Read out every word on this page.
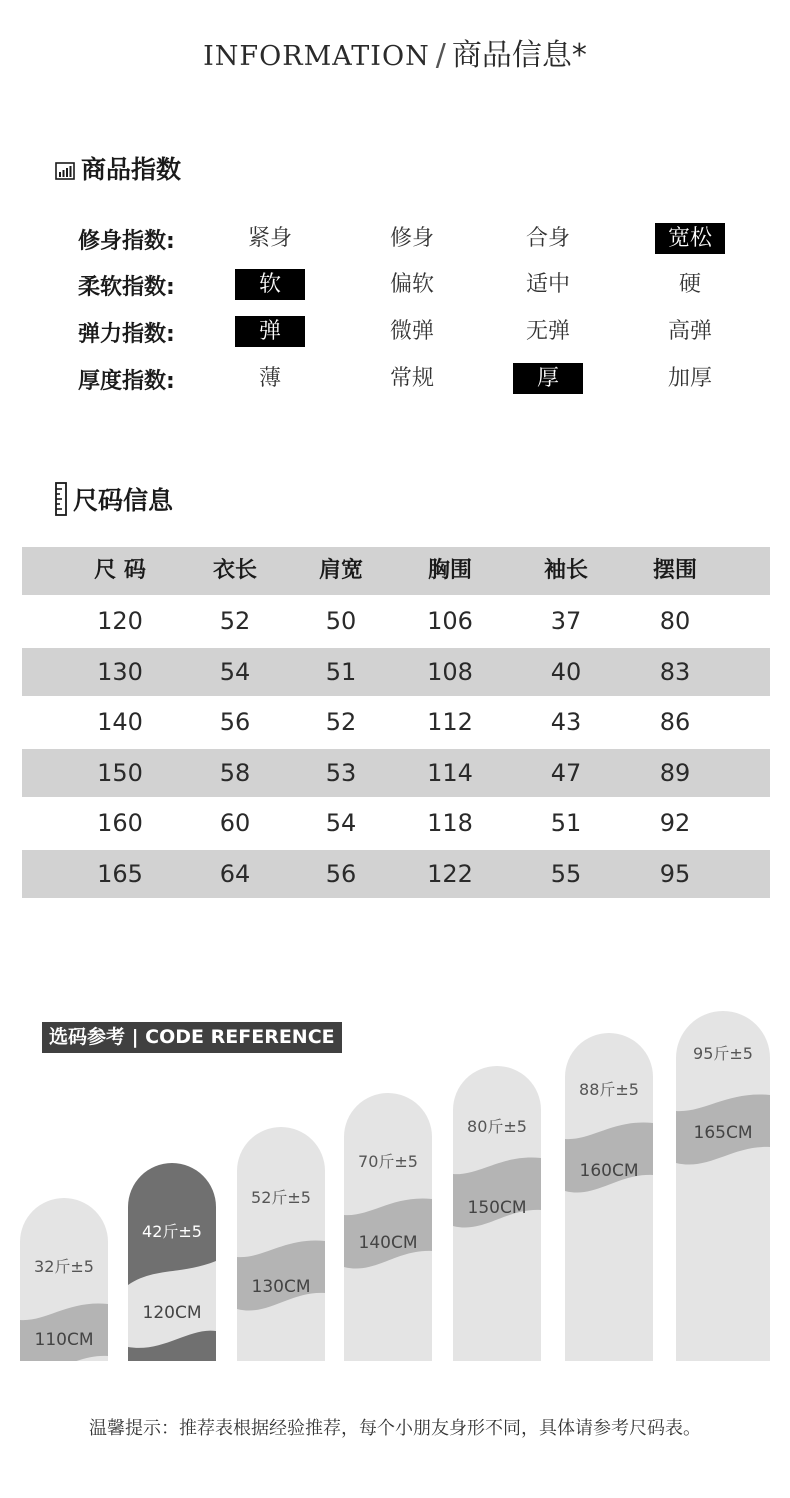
INFORMATION / 商品信息*
商品指数
修身指数:	紧身	修身	合身	宽松
柔软指数:	软	偏软	适中	硬
弹力指数:	弹	微弹	无弹	高弹
厚度指数:	薄	常规	厚	加厚
尺码信息
尺 码	衣长	肩宽	胸围	袖长	摆围
120	52	50	106	37	80
130	54	51	108	40	83
140	56	52	112	43	86
150	58	53	114	47	89
160	60	54	118	51	92
165	64	56	122	55	95
选码参考 | CODE REFERENCE
32斤±5
110CM
42斤±5
120CM
52斤±5
130CM
70斤±5
140CM
80斤±5
150CM
88斤±5
160CM
95斤±5
165CM
温馨提示：推荐表根据经验推荐，每个小朋友身形不同，具体请参考尺码表。
